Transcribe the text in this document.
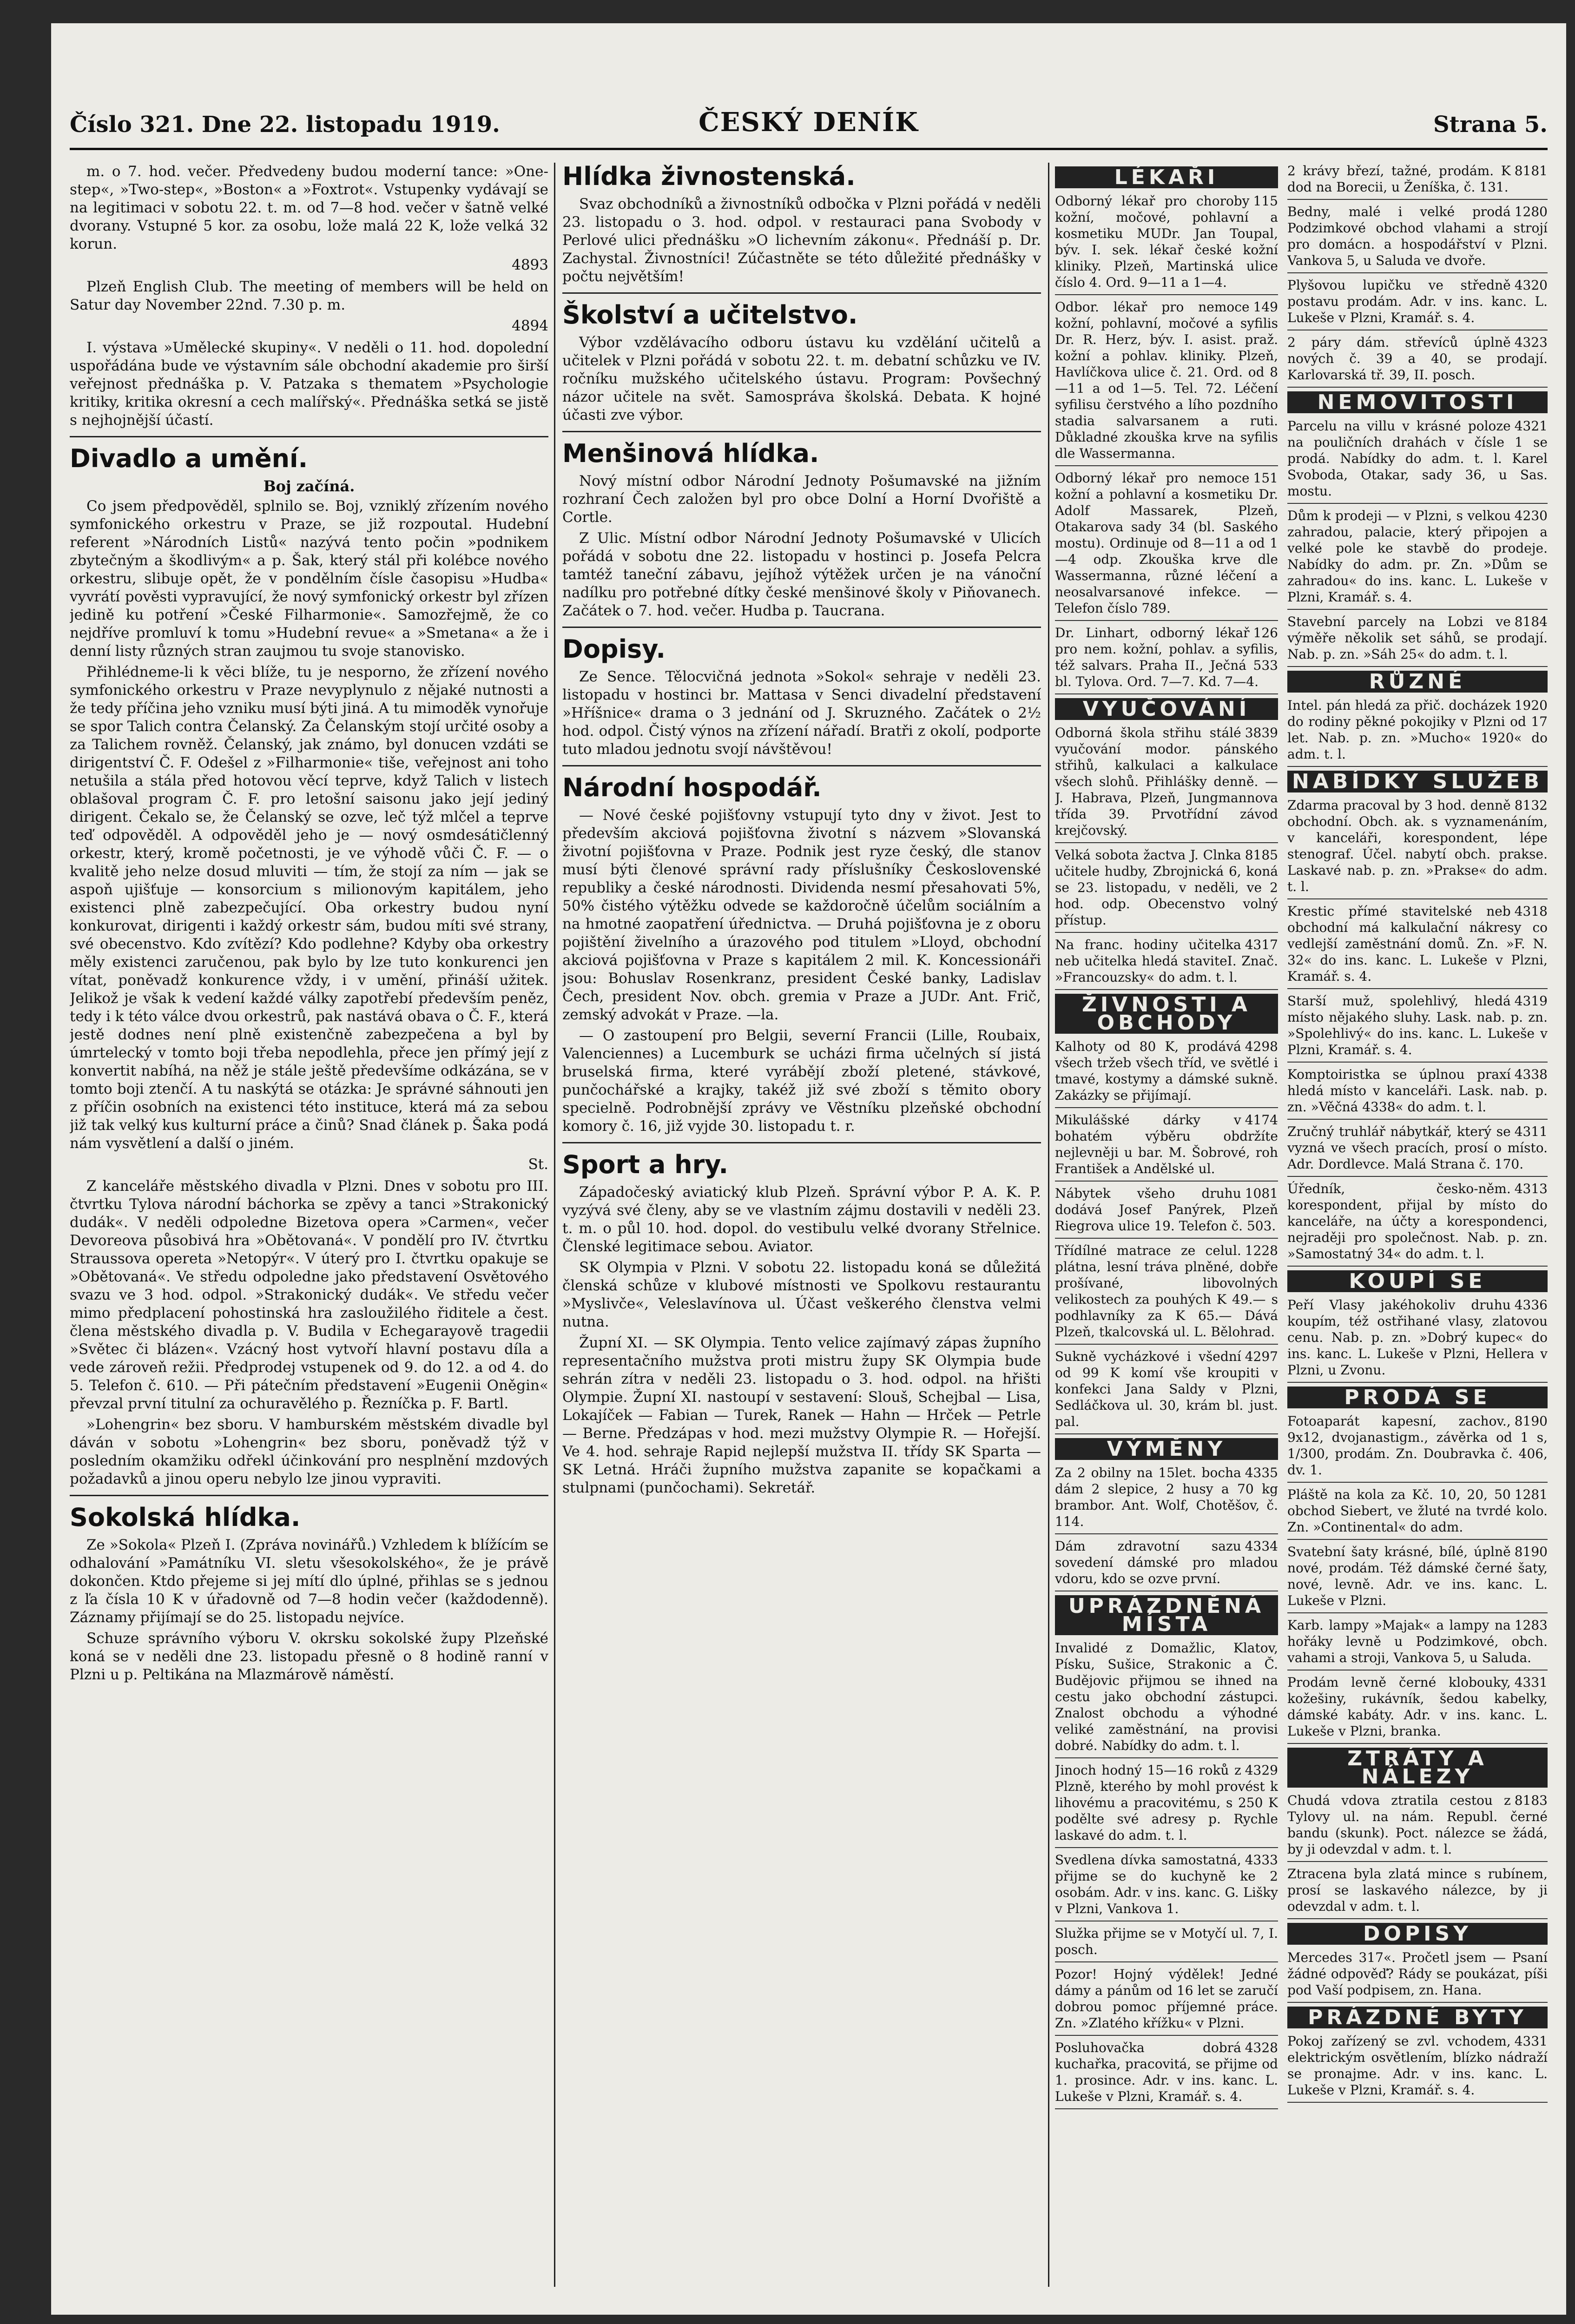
Číslo 321. Dne 22. listopadu 1919.	ČESKÝ DENÍK	Strana 5.

m. o 7. hod. večer. Předvedeny budou moderní tance: »One-step«, »Two-step«, »Boston« a »Foxtrot«. Vstupenky vydávají se na legitimaci v sobotu 22. t. m. od 7—8 hod. večer v šatně velké dvorany. Vstupné 5 kor. za osobu, lože malá 22 K, lože velká 32 korun.

4893

Plzeň English Club. The meeting of members will be held on Satur day November 22nd. 7.30 p. m.

4894

I. výstava »Umělecké skupiny«. V neděli o 11. hod. dopolední uspořádána bude ve výstavním sále obchodní akademie pro širší veřejnost přednáška p. V. Patzaka s thematem »Psychologie kritiky, kritika okresní a cech malířský«. Přednáška setká se jistě s nejhojnější účastí.

Divadlo a umění.
Boj začíná.

Co jsem předpověděl, splnilo se. Boj, vzniklý zřízením nového symfonického orkestru v Praze, se již rozpoutal. Hudební referent »Národních Listů« nazývá tento počin »podnikem zbytečným a škodlivým« a p. Šak, který stál při kolébce nového orkestru, slibuje opět, že v pondělním čísle časopisu »Hudba« vyvrátí pověsti vypravující, že nový symfonický orkestr byl zřízen jedině ku potření »České Filharmonie«. Samozřejmě, že co nejdříve promluví k tomu »Hudební revue« a »Smetana« a že i denní listy různých stran zaujmou tu svoje stanovisko.

Přihlédneme-li k věci blíže, tu je nesporno, že zřízení nového symfonického orkestru v Praze nevyplynulo z nějaké nutnosti a že tedy příčina jeho vzniku musí býti jiná. A tu mimoděk vynořuje se spor Talich contra Čelanský. Za Čelanským stojí určité osoby a za Talichem rovněž. Čelanský, jak známo, byl donucen vzdáti se dirigentství Č. F. Odešel z »Filharmonie« tiše, veřejnost ani toho netušila a stála před hotovou věcí teprve, když Talich v listech oblašoval program Č. F. pro letošní saisonu jako její jediný dirigent. Čekalo se, že Čelanský se ozve, leč týž mlčel a teprve teď odpověděl. A odpověděl jeho je — nový osmdesátičlenný orkestr, který, kromě početnosti, je ve výhodě vůči Č. F. — o kvalitě jeho nelze dosud mluviti — tím, že stojí za ním — jak se aspoň ujišťuje — konsorcium s milionovým kapitálem, jeho existenci plně zabezpečující. Oba orkestry budou nyní konkurovat, dirigenti i každý orkestr sám, budou míti své strany, své obecenstvo. Kdo zvítězí? Kdo podlehne? Kdyby oba orkestry měly existenci zaručenou, pak bylo by lze tuto konkurenci jen vítat, poněvadž konkurence vždy, i v umění, přináší užitek. Jelikož je však k vedení každé války zapotřebí především peněz, tedy i k této válce dvou orkestrů, pak nastává obava o Č. F., která jestě dodnes není plně existenčně zabezpečena a byl by úmrtelecký v tomto boji třeba nepodlehla, přece jen přímý její z konvertit nabíhá, na něž je stále ještě předevšíme odkázána, se v tomto boji ztenčí. A tu naskýtá se otázka: Je správné sáhnouti jen z příčin osobních na existenci této instituce, která má za sebou již tak velký kus kulturní práce a činů? Snad článek p. Šaka podá nám vysvětlení a další o jiném.

St.

Z kanceláře městského divadla v Plzni. Dnes v sobotu pro III. čtvrtku Tylova národní báchorka se zpěvy a tanci »Strakonický dudák«. V neděli odpoledne Bizetova opera »Carmen«, večer Devoreova působivá hra »Obětovaná«. V pondělí pro IV. čtvrtku Straussova opereta »Netopýr«. V úterý pro I. čtvrtku opakuje se »Obětovaná«. Ve středu odpoledne jako představení Osvětového svazu ve 3 hod. odpol. »Strakonický dudák«. Ve středu večer mimo předplacení pohostinská hra zasloužilého řiditele a čest. člena městského divadla p. V. Budila v Echegarayově tragedii »Světec či blázen«. Vzácný host vytvoří hlavní postavu díla a vede zároveň režii. Předprodej vstupenek od 9. do 12. a od 4. do 5. Telefon č. 610. — Při pátečním představení »Eugenii Oněgin« převzal první titulní za ochuravělého p. Řezníčka p. F. Bartl.

»Lohengrin« bez sboru. V hamburském městském divadle byl dáván v sobotu »Lohengrin« bez sboru, poněvadž týž v posledním okamžiku odřekl účinkování pro nesplnění mzdových požadavků a jinou operu nebylo lze jinou vypraviti.

Sokolská hlídka.

Ze »Sokola« Plzeň I. (Zpráva novinářů.) Vzhledem k blížícím se odhalování »Památníku VI. sletu všesokolského«, že je právě dokončen. Ktdo přejeme si jej mítí dlo úplné, přihlas se s jednou z ľa čísla 10 K v úřadovně od 7—8 hodin večer (každodenně). Záznamy přijímají se do 25. listopadu nejvíce.

Schuze správního výboru V. okrsku sokolské župy Plzeňské koná se v neděli dne 23. listopadu přesně o 8 hodině ranní v Plzni u p. Peltikána na Mlazmárově náměstí.

Hlídka živnostenská.

Svaz obchodníků a živnostníků odbočka v Plzni pořádá v neděli 23. listopadu o 3. hod. odpol. v restauraci pana Svobody v Perlové ulici přednášku »O lichevním zákonu«. Přednáší p. Dr. Zachystal. Živnostníci! Zúčastněte se této důležité přednášky v počtu největším!

Školství a učitelstvo.

Výbor vzdělávacího odboru ústavu ku vzdělání učitelů a učitelek v Plzni pořádá v sobotu 22. t. m. debatní schůzku ve IV. ročníku mužského učitelského ústavu. Program: Povšechný názor učitele na svět. Samospráva školská. Debata. K hojné účasti zve výbor.

Menšinová hlídka.

Nový místní odbor Národní Jednoty Pošumavské na jižním rozhraní Čech založen byl pro obce Dolní a Horní Dvořiště a Cortle.

Z Ulic. Místní odbor Národní Jednoty Pošumavské v Ulicích pořádá v sobotu dne 22. listopadu v hostinci p. Josefa Pelcra tamtéž taneční zábavu, jejíhož výtěžek určen je na vánoční nadílku pro potřebné dítky české menšinové školy v Piňovanech. Začátek o 7. hod. večer. Hudba p. Taucrana.

Dopisy.

Ze Sence. Tělocvičná jednota »Sokol« sehraje v neděli 23. listopadu v hostinci br. Mattasa v Senci divadelní představení »Hříšnice« drama o 3 jednání od J. Skruzného. Začátek o 2½ hod. odpol. Čistý výnos na zřízení nářadí. Bratři z okolí, podporte tuto mladou jednotu svojí návštěvou!

Národní hospodář.

— Nové české pojišťovny vstupují tyto dny v život. Jest to především akciová pojišťovna životní s názvem »Slovanská životní pojišťovna v Praze. Podnik jest ryze český, dle stanov musí býti členové správní rady příslušníky Československé republiky a české národnosti. Dividenda nesmí přesahovati 5%, 50% čistého výtěžku odvede se každoročně účelům sociálním a na hmotné zaopatření úřednictva. — Druhá pojišťovna je z oboru pojištění živelního a úrazového pod titulem »Lloyd, obchodní akciová pojišťovna v Praze s kapitálem 2 mil. K. Koncessionáři jsou: Bohuslav Rosenkranz, president České banky, Ladislav Čech, president Nov. obch. gremia v Praze a JUDr. Ant. Frič, zemský advokát v Praze. —la.

— O zastoupení pro Belgii, severní Francii (Lille, Roubaix, Valenciennes) a Lucemburk se ucházi firma učelných sí jistá bruselská firma, které vyrábějí zboží pletené, stávkové, punčochářské a krajky, takéž již své zboží s těmito obory specielně. Podrobnější zprávy ve Věstníku plzeňské obchodní komory č. 16, již vyjde 30. listopadu t. r.

Sport a hry.

Západočeský aviatický klub Plzeň. Správní výbor P. A. K. P. vyzývá své členy, aby se ve vlastním zájmu dostavili v neděli 23. t. m. o půl 10. hod. dopol. do vestibulu velké dvorany Střelnice. Členské legitimace sebou. Aviator.

SK Olympia v Plzni. V sobotu 22. listopadu koná se důležitá členská schůze v klubové místnosti ve Spolkovu restaurantu »Myslivče«, Veleslavínova ul. Účast veškerého členstva velmi nutna.

Župní XI. — SK Olympia. Tento velice zajímavý zápas župního representačního mužstva proti mistru župy SK Olympia bude sehrán zítra v neděli 23. listopadu o 3. hod. odpol. na hřišti Olympie. Župní XI. nastoupí v sestavení: Slouš, Schejbal — Lisa, Lokajíček — Fabian — Turek, Ranek — Hahn — Hrček — Petrle — Berne. Předzápas v hod. mezi mužstvy Olympie R. — Hořejší. Ve 4. hod. sehraje Rapid nejlepší mužstva II. třídy SK Sparta — SK Letná. Hráči župního mužstva zapanite se kopačkami a stulpnami (punčochami). Sekretář.

LÉKAŘI
115
Odborný lékař pro choroby kožní, močové, pohlavní a kosmetiku MUDr. Jan Toupal, býv. I. sek. lékař české kožní kliniky. Plzeň, Martinská ulice číslo 4. Ord. 9—11 a 1—4.
149
Odbor. lékař pro nemoce kožní, pohlavní, močové a syfilis Dr. R. Herz, býv. I. asist. praž. kožní a pohlav. kliniky. Plzeň, Havlíčkova ulice č. 21. Ord. od 8—11 a od 1—5. Tel. 72. Léčení syfilisu čerstvého a lího pozdního stadia salvarsanem a ruti. Důkladné zkouška krve na syfilis dle Wassermanna.
151
Odborný lékař pro nemoce kožní a pohlavní a kosmetiku Dr. Adolf Massarek, Plzeň, Otakarova sady 34 (bl. Saského mostu). Ordinuje od 8—11 a od 1—4 odp. Zkouška krve dle Wassermanna, různé léčení a neosalvarsanové infekce. — Telefon číslo 789.
126
Dr. Linhart, odborný lékař pro nem. kožní, pohlav. a syfilis, též salvars. Praha II., Ječná 533 bl. Tylova. Ord. 7—7. Kd. 7—4.
VYUČOVÁNÍ
3839
Odborná škola střihu stálé vyučování modor. pánského střihů, kalkulaci a kalkulace všech slohů. Přihlášky denně. — J. Habrava, Plzeň, Jungmannova třída 39. Prvotřídní závod krejčovský.
8185
Velká sobota žactva J. Clnka učitele hudby, Zbrojnická 6, koná se 23. listopadu, v neděli, ve 2 hod. odp. Obecenstvo volný přístup.
4317
Na franc. hodiny učitelka neb učitelka hledá staviteI. Znač. »Francouzsky« do adm. t. l.
ŽIVNOSTI A OBCHODY
4298
Kalhoty od 80 K, prodává všech tržeb všech tříd, ve světlé i tmavé, kostymy a dámské sukně. Zakázky se přijímají.
4174
Mikulášské dárky v bohatém výběru obdržíte nejlevněji u bar. M. Šobrové, roh František a Andělské ul.
1081
Nábytek všeho druhu dodává Josef Panýrek, Plzeň Riegrova ulice 19. Telefon č. 503.
1228
Třídílné matrace ze celul. plátna, lesní tráva plněné, dobře prošívané, libovolných velikostech za pouhých K 49.— s podhlavníky za K 65.— Dává Plzeň, tkalcovská ul. L. Bělohrad.
4297
Sukně vycházkové i všední od 99 K komí vše kroupiti v konfekci Jana Saldy v Plzni, Sedláčkova ul. 30, krám bl. just. pal.
VÝMĚNY
4335
Za 2 obilny na 15let. bocha dám 2 slepice, 2 husy a 70 kg brambor. Ant. Wolf, Chotěšov, č. 114.
4334
Dám zdravotní sazu sovedení dámské pro mladou vdoru, kdo se ozve první.
UPRÁZDNĚNÁ MÍSTA
Invalidé z Domažlic, Klatov, Písku, Sušice, Strakonic a Č. Budějovic přijmou se ihned na cestu jako obchodní zástupci. Znalost obchodu a výhodné veliké zaměstnání, na provisi dobré. Nabídky do adm. t. l.
4329
Jinoch hodný 15—16 roků z Plzně, kterého by mohl provést k lihovému a pracovitému, s 250 K podělte své adresy p. Rychle laskavé do adm. t. l.
4333
Svedlena dívka samostatná, přijme se do kuchyně ke 2 osobám. Adr. v ins. kanc. G. Lišky v Plzni, Vankova 1.
Služka přijme se v Motyčí ul. 7, I. posch.
Pozor! Hojný výdělek! Jedné dámy a pánům od 16 let se zaručí dobrou pomoc příjemné práce. Zn. »Zlatého křížku« v Plzni.
4328
Posluhovačka dobrá kuchařka, pracovitá, se přijme od 1. prosince. Adr. v ins. kanc. L. Lukeše v Plzni, Kramář. s. 4.
8181
2 krávy březí, tažné, prodám. K dod na Borecii, u Ženíška, č. 131.
1280
Bedny, malé i velké prodá Podzimkové obchod vlahami a strojí pro domácn. a hospodářství v Plzni. Vankova 5, u Saluda ve dvoře.
4320
Plyšovou lupičku ve středně postavu prodám. Adr. v ins. kanc. L. Lukeše v Plzni, Kramář. s. 4.
4323
2 páry dám. střevíců úplně nových č. 39 a 40, se prodají. Karlovarská tř. 39, II. posch.
NEMOVITOSTI
4321
Parcelu na villu v krásné poloze na pouličních drahách v čísle 1 se prodá. Nabídky do adm. t. l. Karel Svoboda, Otakar, sady 36, u Sas. mostu.
4230
Dům k prodeji — v Plzni, s velkou zahradou, palacie, který připojen a velké pole ke stavbě do prodeje. Nabídky do adm. pr. Zn. »Dům se zahradou« do ins. kanc. L. Lukeše v Plzni, Kramář. s. 4.
8184
Stavební parcely na Lobzi ve výměře několik set sáhů, se prodají. Nab. p. zn. »Sáh 25« do adm. t. l.
RŮZNÉ
1920
Intel. pán hledá za přič. docházek do rodiny pěkné pokojiky v Plzni od 17 let. Nab. p. zn. »Mucho« 1920« do adm. t. l.
NABÍDKY SLUŽEB
8132
Zdarma pracoval by 3 hod. denně obchodní. Obch. ak. s vyznamenáním, v kanceláři, korespondent, lépe stenograf. Účel. nabytí obch. prakse. Laskavé nab. p. zn. »Prakse« do adm. t. l.
4318
Krestic přímé stavitelské neb obchodní má kalkulační nákresy co vedlejší zaměstnání domů. Zn. »F. N. 32« do ins. kanc. L. Lukeše v Plzni, Kramář. s. 4.
4319
Starší muž, spolehlivý, hledá místo nějakého sluhy. Lask. nab. p. zn. »Spolehlivý« do ins. kanc. L. Lukeše v Plzni, Kramář. s. 4.
4338
Komptoiristka se úplnou praxí hledá místo v kanceláři. Lask. nab. p. zn. »Věčná 4338« do adm. t. l.
4311
Zručný truhlář nábytkář, který se vyzná ve všech pracích, prosí o místo. Adr. Dordlevce. Malá Strana č. 170.
4313
Úředník, česko-něm. korespondent, přijal by místo do kanceláře, na účty a korespondenci, nejraději pro společnost. Nab. p. zn. »Samostatný 34« do adm. t. l.
KOUPÍ SE
4336
Peří Vlasy jakéhokoliv druhu koupím, též ostřihané vlasy, zlatovou cenu. Nab. p. zn. »Dobrý kupec« do ins. kanc. L. Lukeše v Plzni, Hellera v Plzni, u Zvonu.
PRODÁ SE
8190
Fotoaparát kapesní, zachov., 9x12, dvojanastigm., závěrka od 1 s, 1/300, prodám. Zn. Doubravka č. 406, dv. 1.
1281
Pláště na kola za Kč. 10, 20, 50 obchod Siebert, ve žluté na tvrdé kolo. Zn. »Continental« do adm.
8190
Svatební šaty krásné, bílé, úplně nové, prodám. Též dámské černé šaty, nové, levně. Adr. ve ins. kanc. L. Lukeše v Plzni.
1283
Karb. lampy »Majak« a lampy na hořáky levně u Podzimkové, obch. vahami a stroji, Vankova 5, u Saluda.
4331
Prodám levně černé klobouky, kožešiny, rukávník, šedou kabelky, dámské kabáty. Adr. v ins. kanc. L. Lukeše v Plzni, branka.
ZTRÁTY A NÁLEZY
8183
Chudá vdova ztratila cestou z Tylovy ul. na nám. Republ. černé bandu (skunk). Poct. nálezce se žádá, by ji odevzdal v adm. t. l.
Ztracena byla zlatá mince s rubínem, prosí se laskavého nálezce, by ji odevzdal v adm. t. l.
DOPISY
Mercedes 317«. Pročetl jsem — Psaní žádné odpověď? Rády se poukázat, píši pod Vaší podpisem, zn. Hana.
PRÁZDNÉ BYTY
4331
Pokoj zařízený se zvl. vchodem, elektrickým osvětlením, blízko nádraží se pronajme. Adr. v ins. kanc. L. Lukeše v Plzni, Kramář. s. 4.
